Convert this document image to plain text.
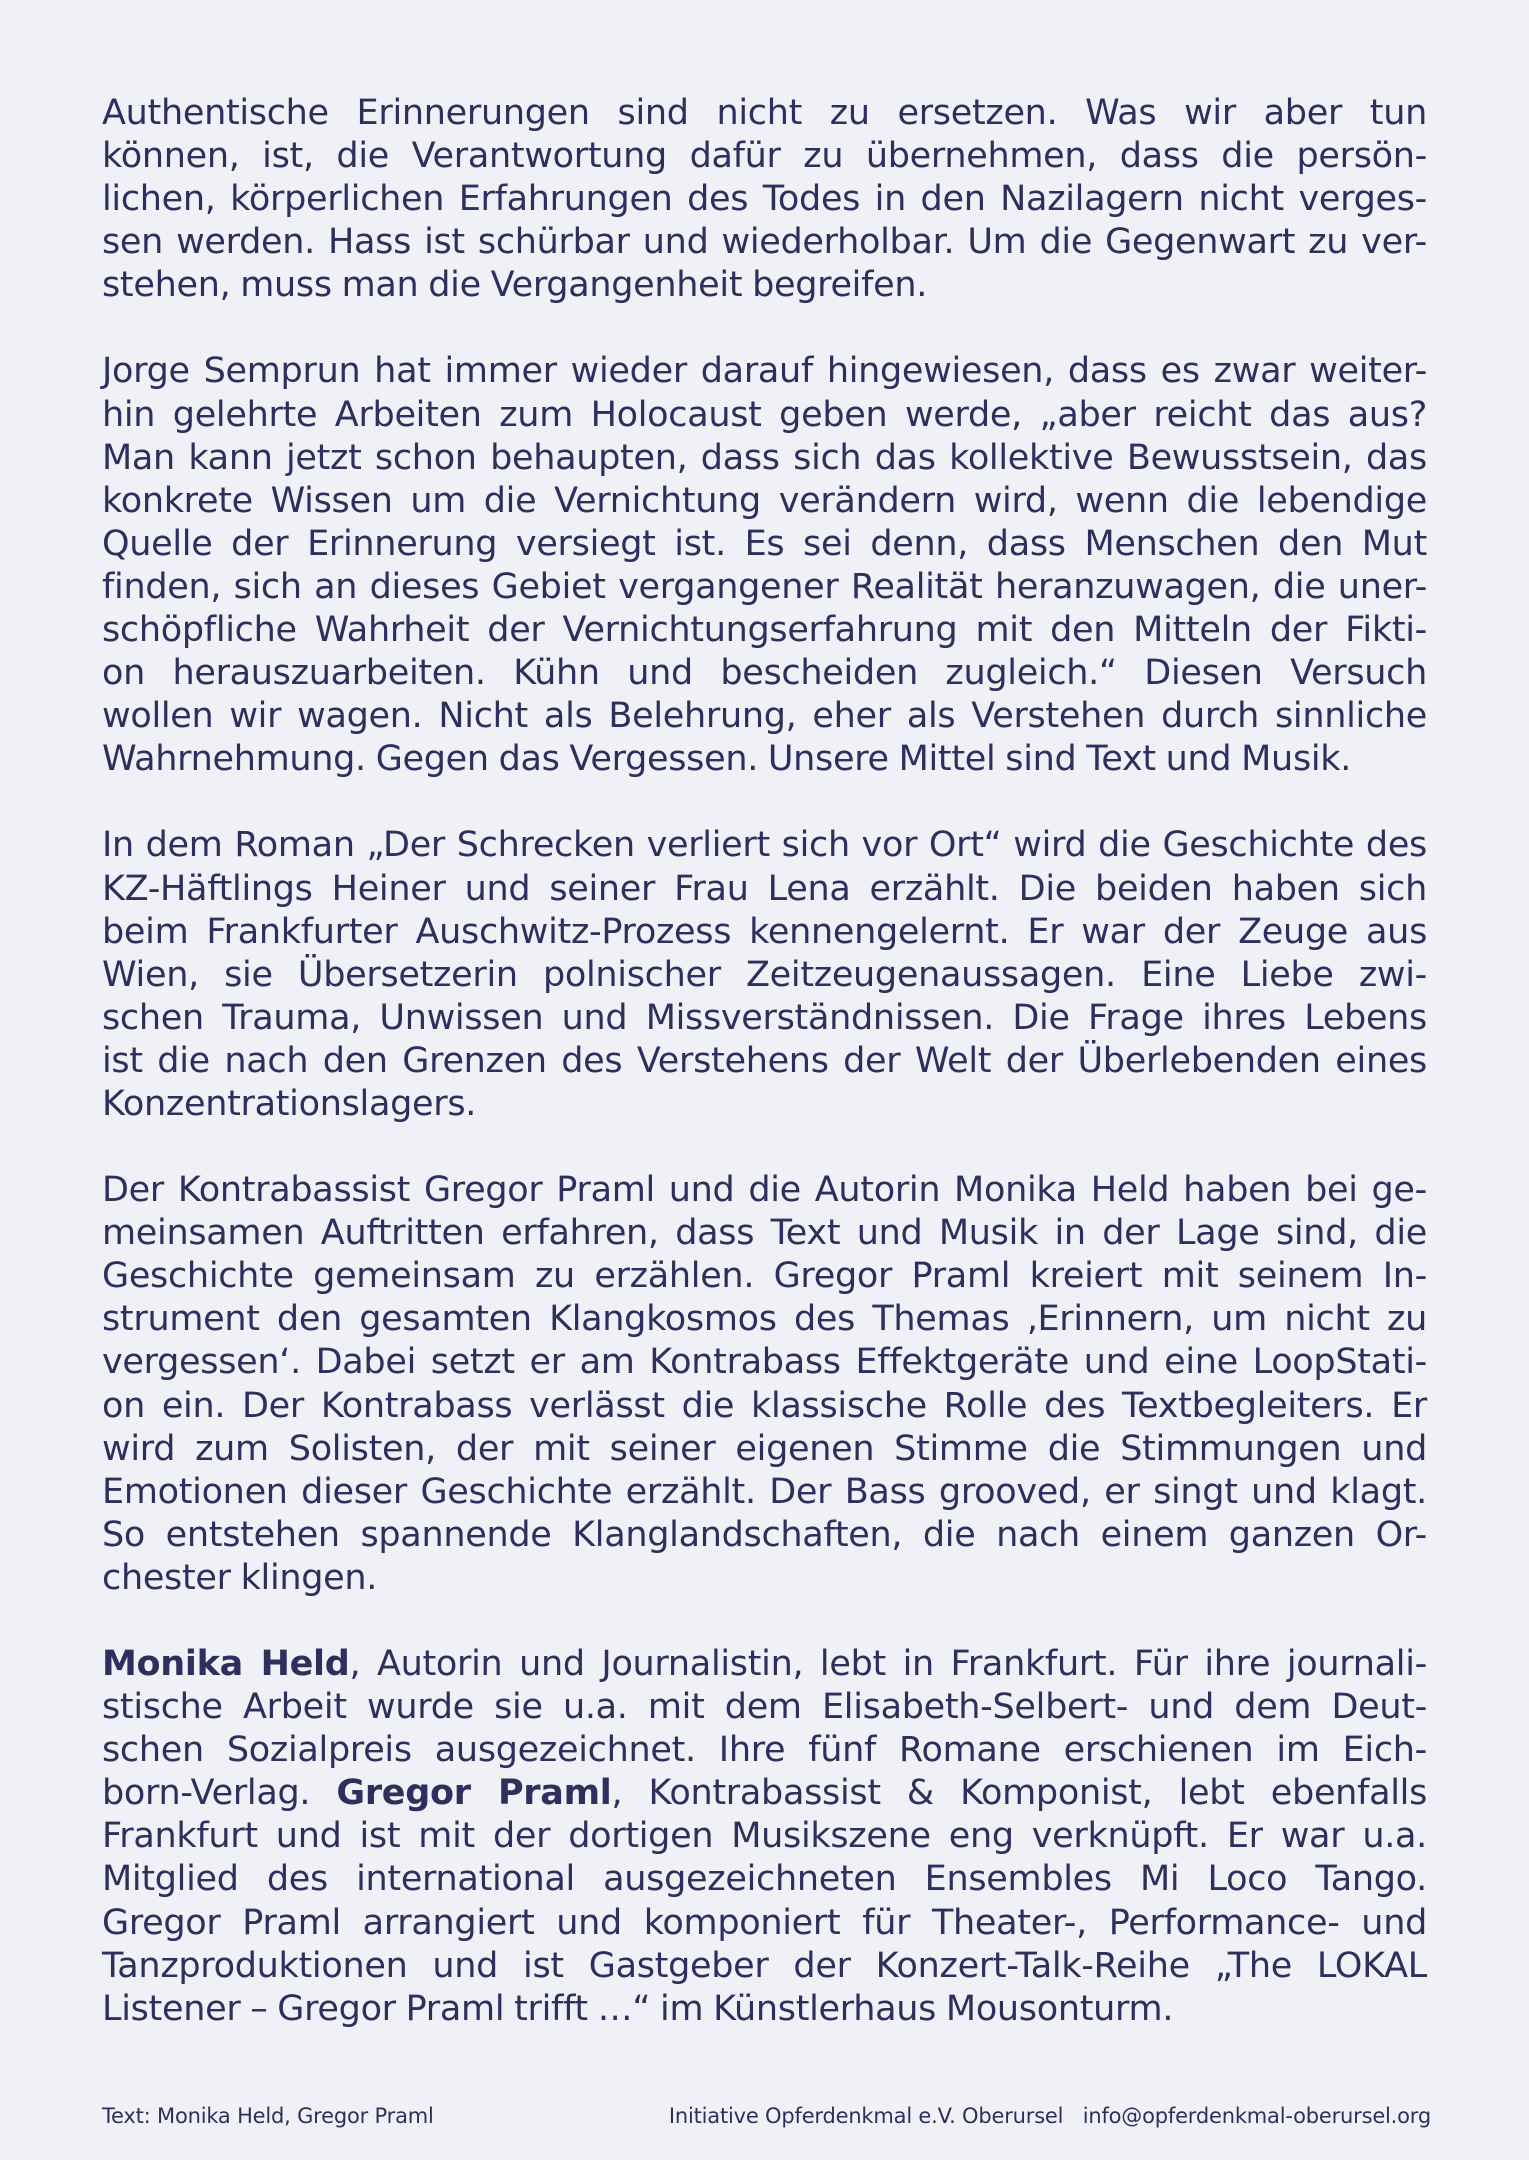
Authentische Erinnerungen sind nicht zu ersetzen. Was wir aber tun
können, ist, die Verantwortung dafür zu übernehmen, dass die persön-
lichen, körperlichen Erfahrungen des Todes in den Nazilagern nicht verges-
sen werden. Hass ist schürbar und wiederholbar. Um die Gegenwart zu ver-
stehen, muss man die Vergangenheit begreifen.

Jorge Semprun hat immer wieder darauf hingewiesen, dass es zwar weiter-
hin gelehrte Arbeiten zum Holocaust geben werde, „aber reicht das aus?
Man kann jetzt schon behaupten, dass sich das kollektive Bewusstsein, das
konkrete Wissen um die Vernichtung verändern wird, wenn die lebendige
Quelle der Erinnerung versiegt ist. Es sei denn, dass Menschen den Mut
finden, sich an dieses Gebiet vergangener Realität heranzuwagen, die uner-
schöpfliche Wahrheit der Vernichtungserfahrung mit den Mitteln der Fikti-
on herauszuarbeiten. Kühn und bescheiden zugleich.“ Diesen Versuch
wollen wir wagen. Nicht als Belehrung, eher als Verstehen durch sinnliche
Wahrnehmung. Gegen das Vergessen. Unsere Mittel sind Text und Musik.

In dem Roman „Der Schrecken verliert sich vor Ort“ wird die Geschichte des
KZ-Häftlings Heiner und seiner Frau Lena erzählt. Die beiden haben sich
beim Frankfurter Auschwitz-Prozess kennengelernt. Er war der Zeuge aus
Wien, sie Übersetzerin polnischer Zeitzeugenaussagen. Eine Liebe zwi-
schen Trauma, Unwissen und Missverständnissen. Die Frage ihres Lebens
ist die nach den Grenzen des Verstehens der Welt der Überlebenden eines
Konzentrationslagers.

Der Kontrabassist Gregor Praml und die Autorin Monika Held haben bei ge-
meinsamen Auftritten erfahren, dass Text und Musik in der Lage sind, die
Geschichte gemeinsam zu erzählen. Gregor Praml kreiert mit seinem In-
strument den gesamten Klangkosmos des Themas ‚Erinnern, um nicht zu
vergessen‘. Dabei setzt er am Kontrabass Effektgeräte und eine LoopStati-
on ein. Der Kontrabass verlässt die klassische Rolle des Textbegleiters. Er
wird zum Solisten, der mit seiner eigenen Stimme die Stimmungen und
Emotionen dieser Geschichte erzählt. Der Bass grooved, er singt und klagt.
So entstehen spannende Klanglandschaften, die nach einem ganzen Or-
chester klingen.

Monika Held, Autorin und Journalistin, lebt in Frankfurt. Für ihre journali-
stische Arbeit wurde sie u.a. mit dem Elisabeth-Selbert- und dem Deut-
schen Sozialpreis ausgezeichnet. Ihre fünf Romane erschienen im Eich-
born-Verlag. Gregor Praml, Kontrabassist & Komponist, lebt ebenfalls
Frankfurt und ist mit der dortigen Musikszene eng verknüpft. Er war u.a.
Mitglied des international ausgezeichneten Ensembles Mi Loco Tango.
Gregor Praml arrangiert und komponiert für Theater-, Performance- und
Tanzproduktionen und ist Gastgeber der Konzert-Talk-Reihe „The LOKAL
Listener – Gregor Praml trifft …“ im Künstlerhaus Mousonturm.

Text: Monika Held, Gregor Praml	Initiative Opferdenkmal e.V. Oberursel   info@opferdenkmal-oberursel.org
